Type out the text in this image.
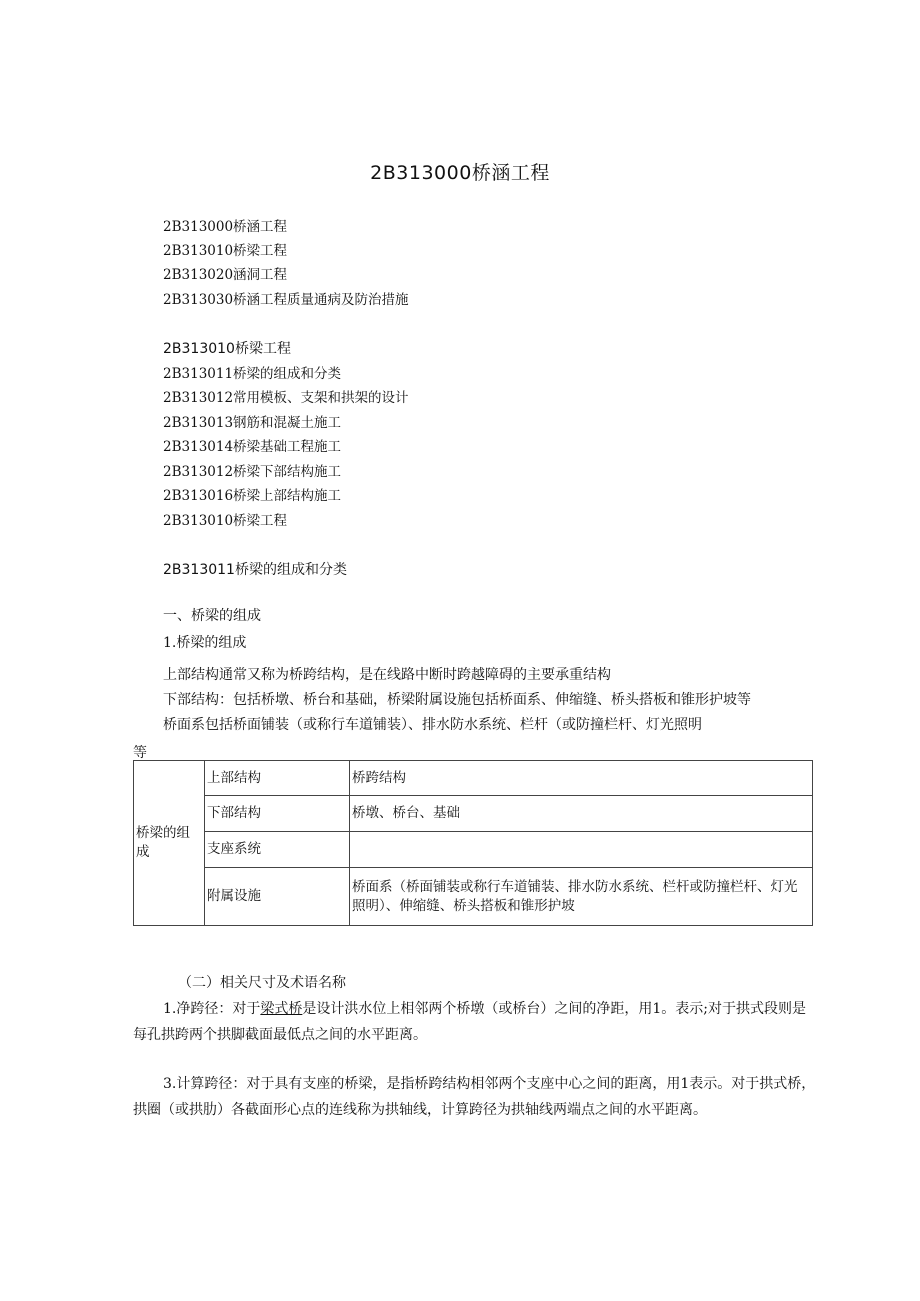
2B313000桥涵工程
2B313000桥涵工程
2B313010桥梁工程
2B313020涵洞工程
2B313030桥涵工程质量通病及防治措施
2B313010桥梁工程
2B313011桥梁的组成和分类
2B313012常用模板、支架和拱架的设计
2B313013钢筋和混凝土施工
2B313014桥梁基础工程施工
2B313012桥梁下部结构施工
2B313016桥梁上部结构施工
2B313010桥梁工程
2B313011桥梁的组成和分类
一、桥梁的组成
1.桥梁的组成
上部结构通常又称为桥跨结构，是在线路中断时跨越障碍的主要承重结构
下部结构：包括桥墩、桥台和基础，桥梁附属设施包括桥面系、伸缩缝、桥头搭板和锥形护坡等
桥面系包括桥面铺装（或称行车道铺装）、排水防水系统、栏杆（或防撞栏杆、灯光照明
等
桥梁的组成	上部结构	桥跨结构
	下部结构	桥墩、桥台、基础
	支座系统	
	附属设施	桥面系（桥面铺装或称行车道铺装、排水防水系统、栏杆或防撞栏杆、灯光照明）、伸缩缝、桥头搭板和锥形护坡
（二）相关尺寸及术语名称
1.净跨径：对于梁式桥是设计洪水位上相邻两个桥墩（或桥台）之间的净距，用1。表示;对于拱式段则是每孔拱跨两个拱脚截面最低点之间的水平距离。
3.计算跨径：对于具有支座的桥梁，是指桥跨结构相邻两个支座中心之间的距离，用1表示。对于拱式桥，拱圈（或拱肋）各截面形心点的连线称为拱轴线，计算跨径为拱轴线两端点之间的水平距离。
